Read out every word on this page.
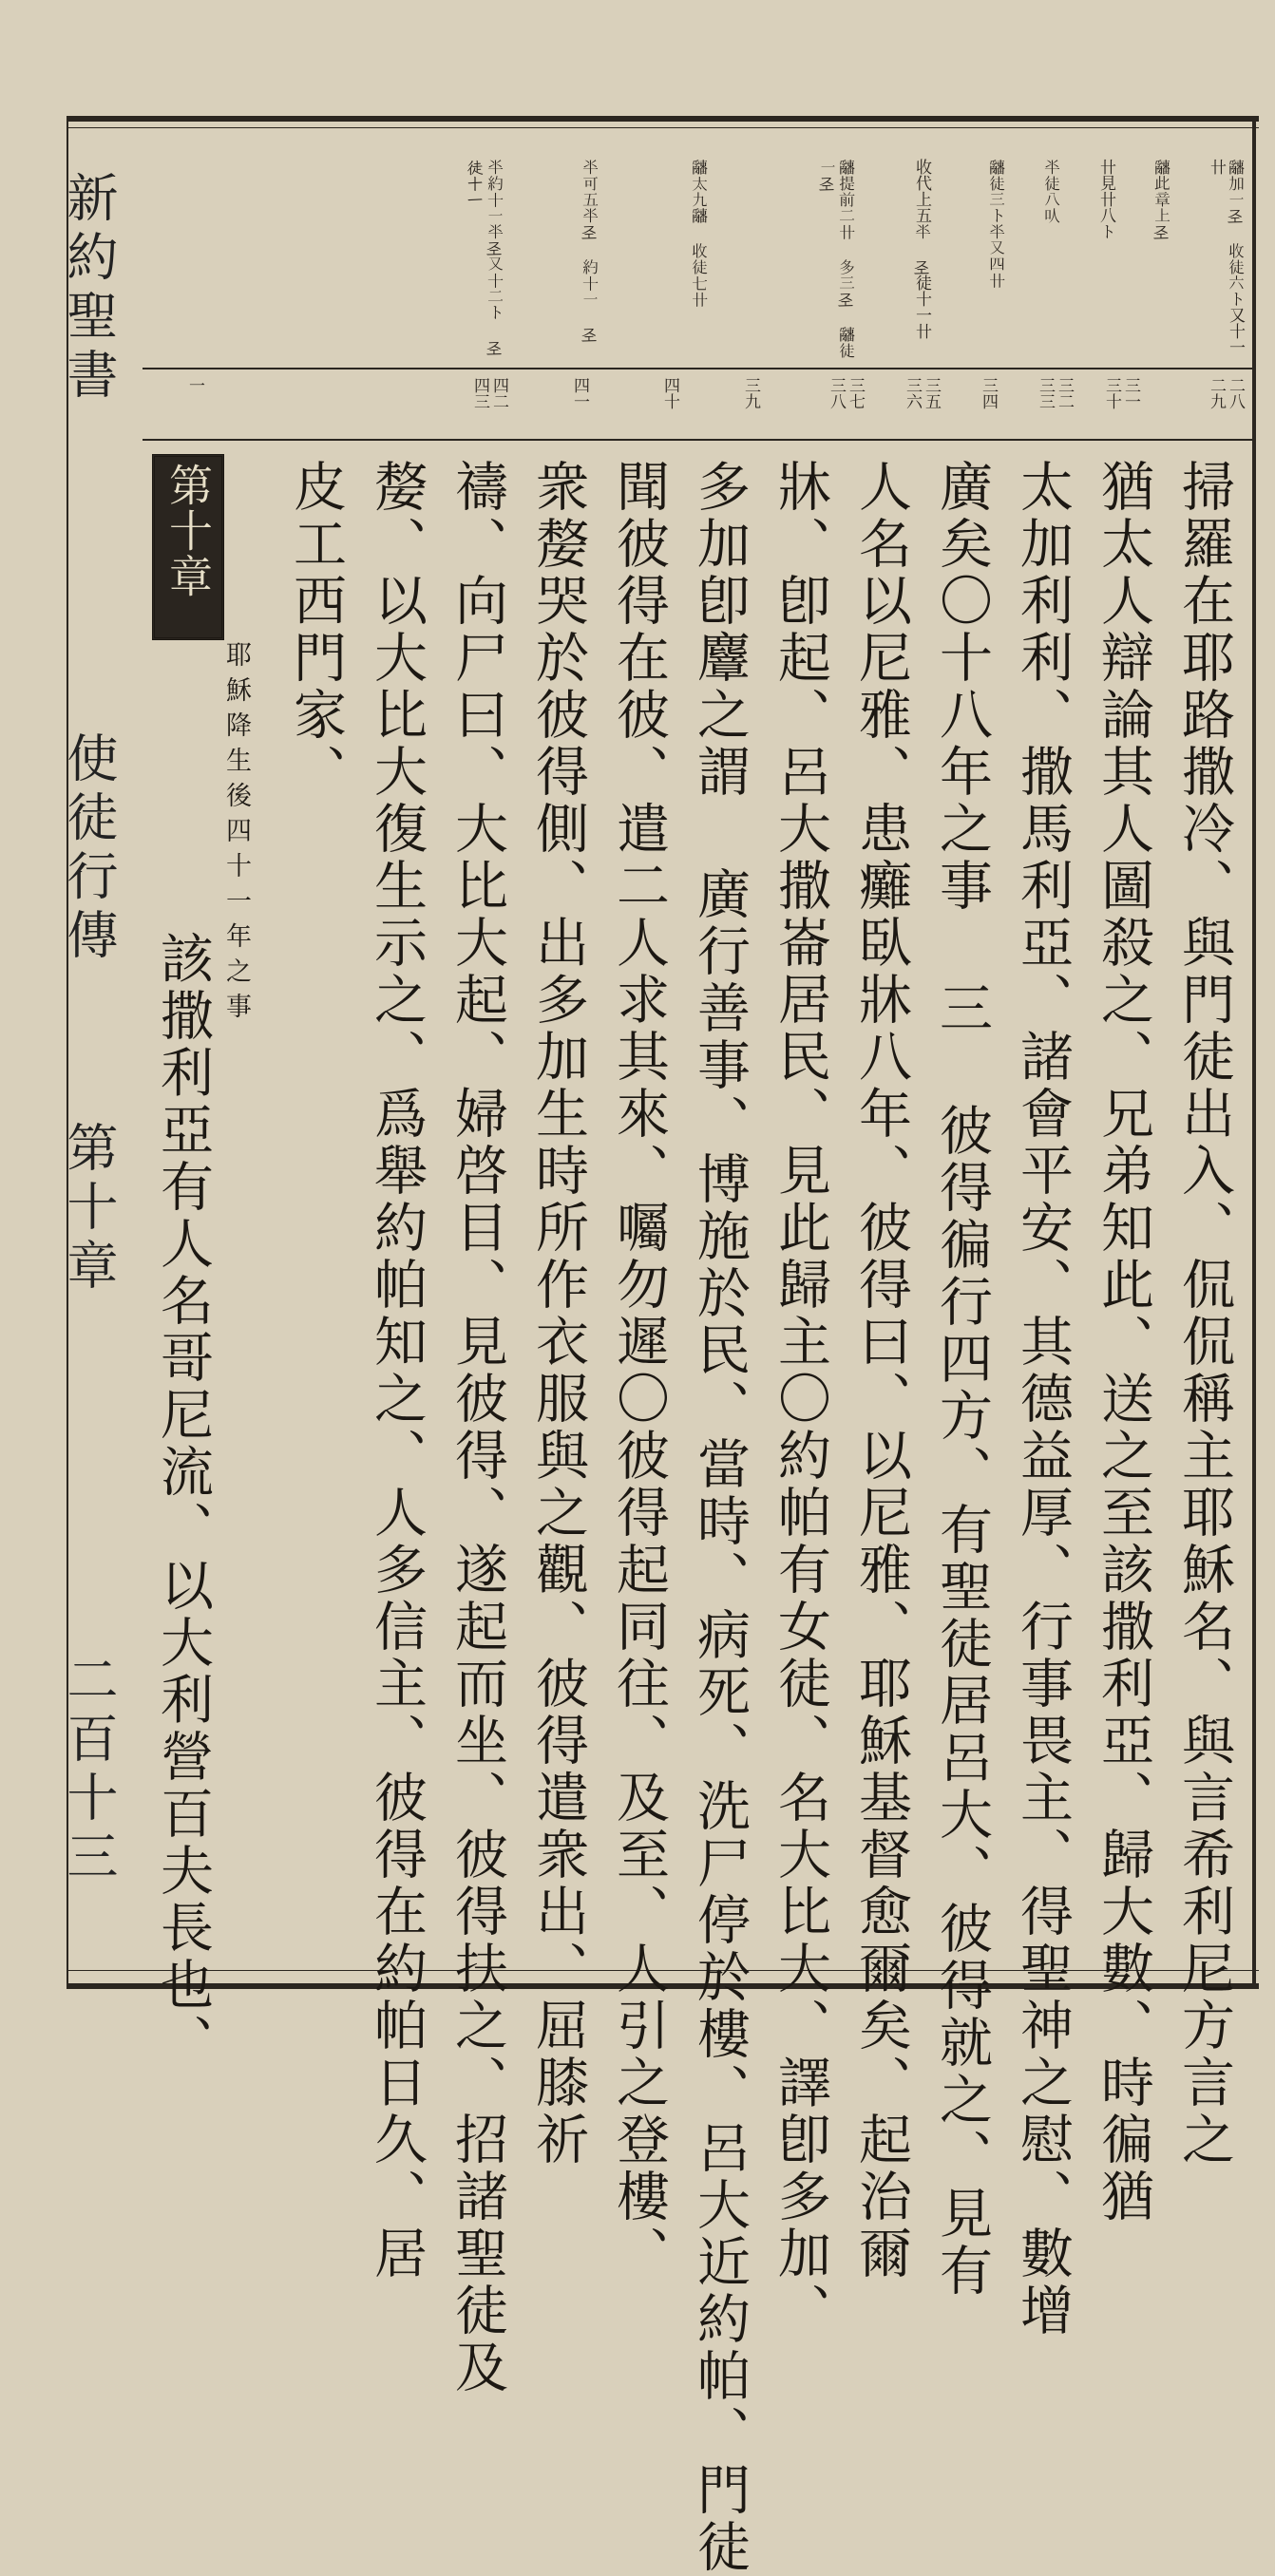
新約聖書
使徒行傳
第十章
二百十三
𤕌加一𢀖 收徒六ト又十一卄
𤕌此章上𢀖
卄見卄八ト
𠦂徒八㕥
𤕌徒三ト𠦂又四卄
收代上五𠦂 𢀖徒十一卄
𤕌提前二卄 多三𢀖 𤕌徒一𢀖
𤕌太九𤕌 收徒七卄
𠦂可五𠦂𢀖 約十一 𢀖
𠦂約十一𠦂𢀖又十二ト 𢀖徒十一
二八 二九
三一 三十
三二 三三
三四
三五 三六
三七 三八
三九
四十
四一
四二 四三
一
掃羅在耶路撒冷、與門徒出入、侃侃稱主耶穌名、與言希利尼方言之
猶太人辯論其人圖殺之、兄弟知此、送之至該撒利亞、歸大數、時徧猶
太加利利、撒馬利亞、諸會平安、其德益厚、行事畏主、得聖神之慰、數增
廣矣〇十八年之事 三 彼得徧行四方、有聖徒居呂大、彼得就之、見有
人名以尼雅、患癱臥牀八年、彼得曰、以尼雅、耶穌基督愈爾矣、起治爾
牀、卽起、呂大撒崙居民、見此歸主〇約帕有女徒、名大比大、譯卽多加、
多加卽麞之謂 廣行善事、博施於民、當時、病死、洗尸停於樓、呂大近約帕、門徒
聞彼得在彼、遣二人求其來、囑勿遲〇彼得起同往、及至、人引之登樓、
衆嫠哭於彼得側、出多加生時所作衣服與之觀、彼得遣衆出、屈膝祈
禱、向尸曰、大比大起、婦啓目、見彼得、遂起而坐、彼得扶之、招諸聖徒及
嫠、以大比大復生示之、爲舉約帕知之、人多信主、彼得在約帕日久、居
皮工西門家、
第十章
耶穌降生後四十一年之事
該撒利亞有人名哥尼流、以大利營百夫長也、
